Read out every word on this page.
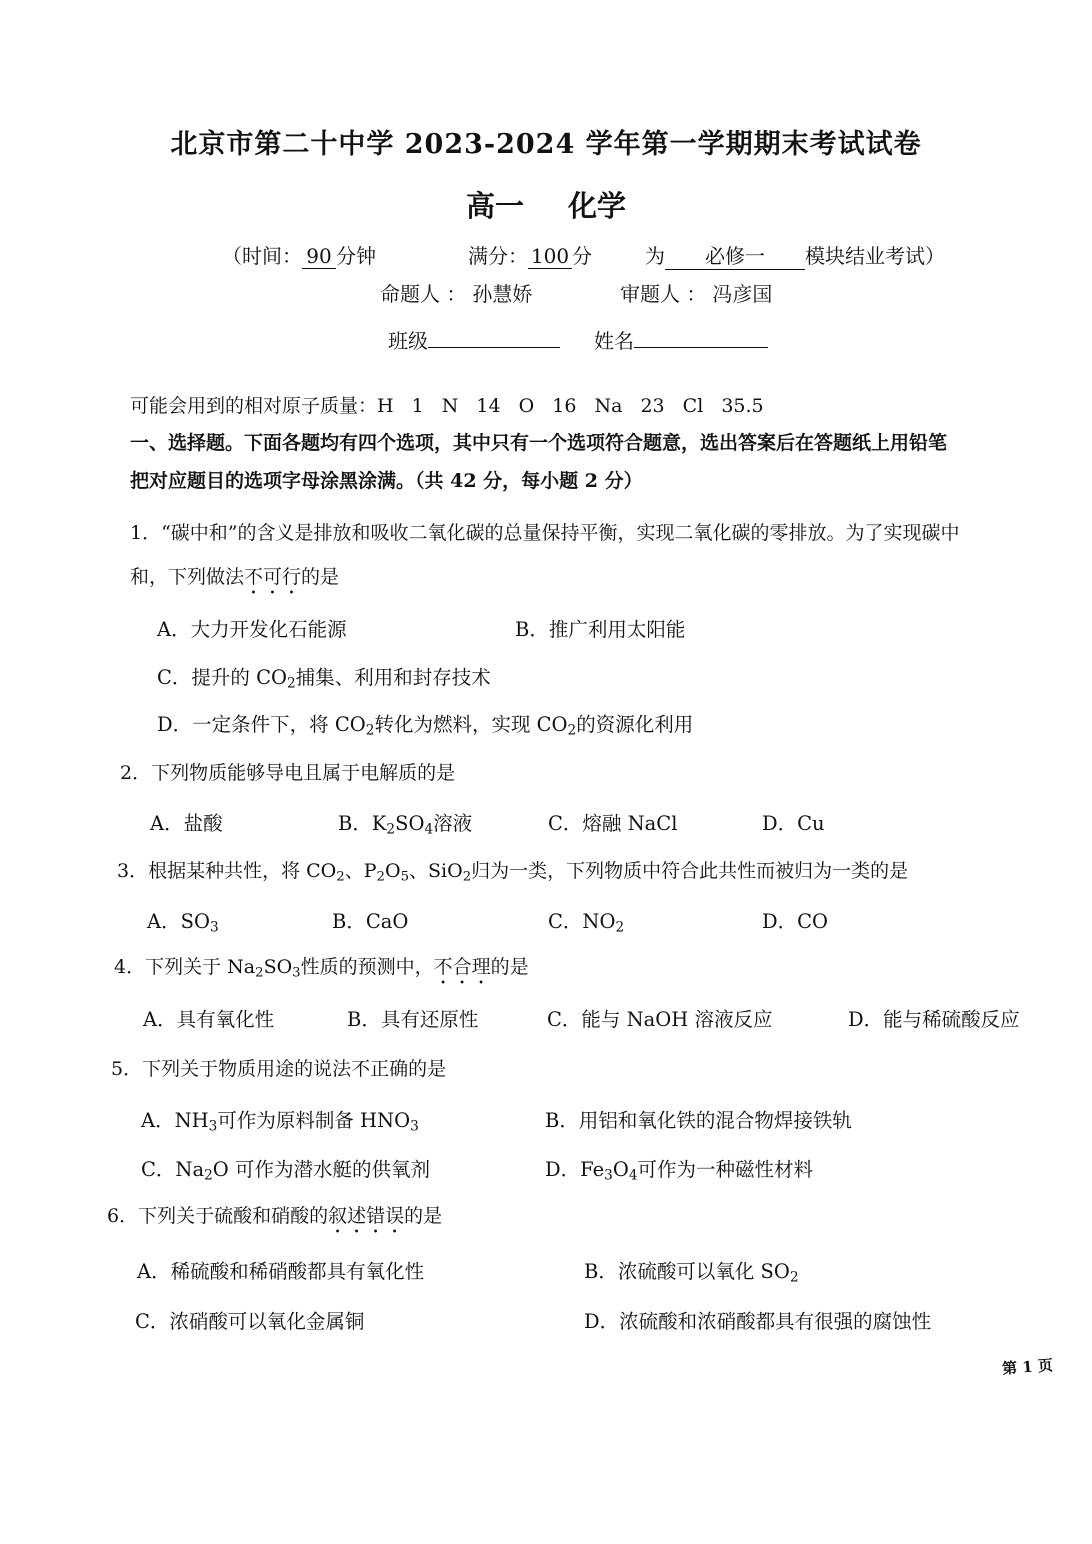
北京市第二十中学 2023-2024 学年第一学期期末考试试卷
高一 化学
（时间： 90 分钟	满分： 100 分	为 必修一 模块结业考试）
命题人 ： 孙慧娇	审题人 ： 冯彦国
班级	姓名
可能会用到的相对原子质量：H 1 N 14 O 16 Na 23 Cl 35.5
一、选择题。下面各题均有四个选项，其中只有一个选项符合题意，选出答案后在答题纸上用铅笔
把对应题目的选项字母涂黑涂满。（共 42 分，每小题 2 分）
1．“碳中和”的含义是排放和吸收二氧化碳的总量保持平衡，实现二氧化碳的零排放。为了实现碳中
和，下列做法不可行的是
A．大力开发化石能源	B．推广利用太阳能
C．提升的 $CO_2$捕集、利用和封存技术
D．一定条件下，将 $CO_2$转化为燃料，实现 $CO_2$的资源化利用
2．下列物质能够导电且属于电解质的是
A．盐酸	B．$K_2SO_4$溶液	C．熔融 NaCl	D．Cu
3．根据某种共性，将 $CO_2$、$P_2O_5$、SiO$_2$归为一类，下列物质中符合此共性而被归为一类的是
A．$SO_3$	B．CaO	C．$NO_2$	D．CO
4．下列关于 $Na_2SO_3$性质的预测中，不合理的是
A．具有氧化性	B．具有还原性	C．能与 NaOH 溶液反应	D．能与稀硫酸反应
5．下列关于物质用途的说法不正确的是
A．$NH_3$可作为原料制备 $HNO_3$	B．用铝和氧化铁的混合物焊接铁轨
C．$Na_2O$ 可作为潜水艇的供氧剂	D．$Fe_3O_4$可作为一种磁性材料
6．下列关于硫酸和硝酸的叙述错误的是
A．稀硫酸和稀硝酸都具有氧化性	B．浓硫酸可以氧化 $SO_2$
C．浓硝酸可以氧化金属铜	D．浓硫酸和浓硝酸都具有很强的腐蚀性
第 1 页
